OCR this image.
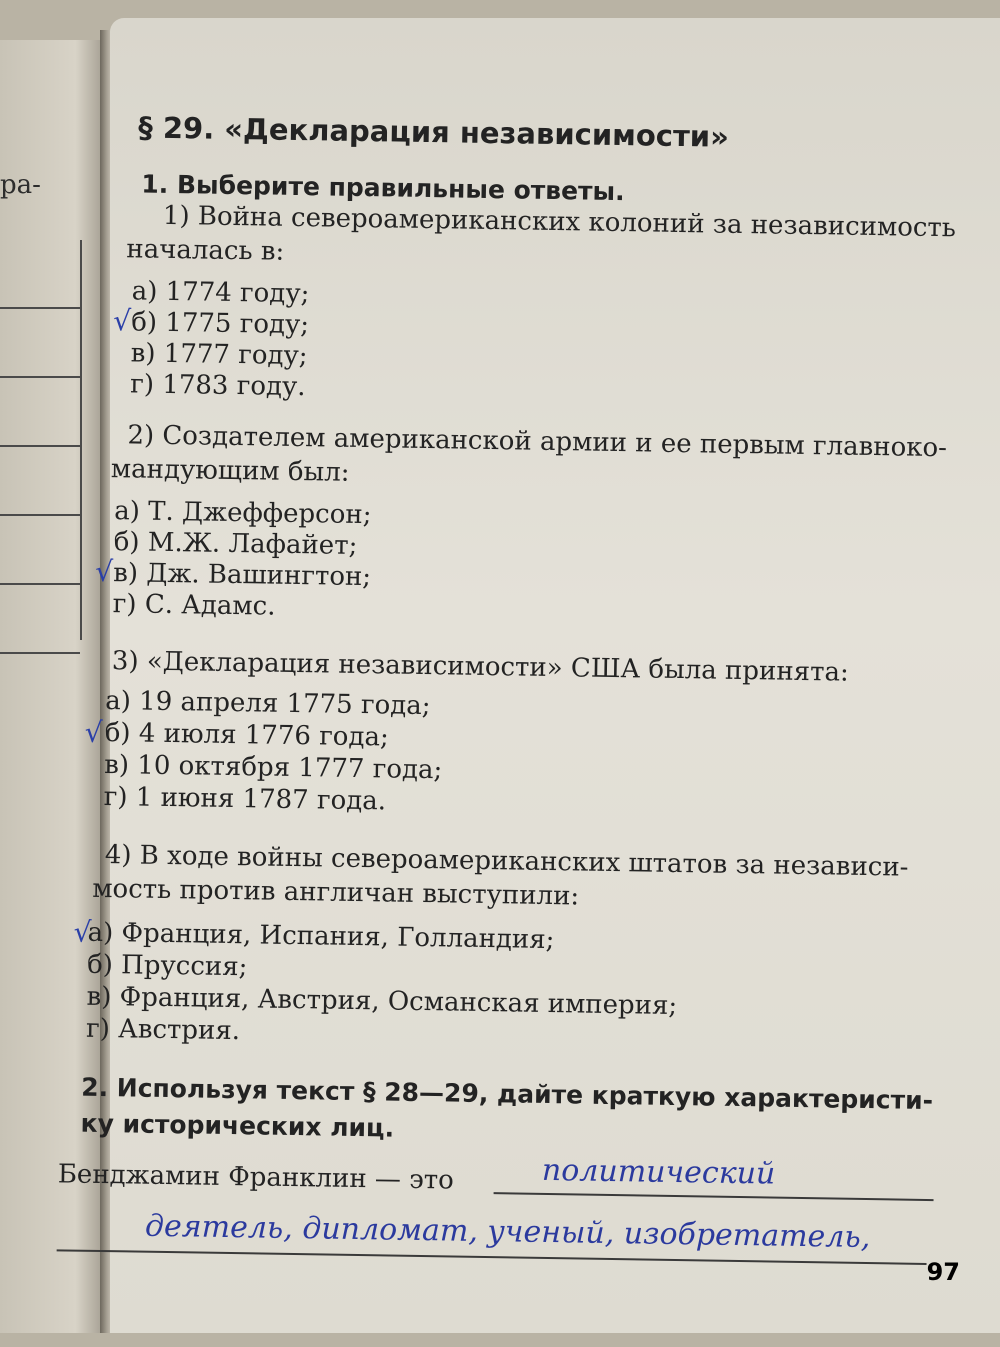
ра-
§ 29. «Декларация независимости»
1. Выберите правильные ответы.
1) Война североамериканских колоний за независимость
началась в:
а) 1774 году;
√ б) 1775 году;
в) 1777 году;
г) 1783 году.
2) Создателем американской армии и ее первым главноко-
мандующим был:
а) Т. Джефферсон;
б) М.Ж. Лафайет;
√ в) Дж. Вашингтон;
г) С. Адамс.
3) «Декларация независимости» США была принята:
а) 19 апреля 1775 года;
√ б) 4 июля 1776 года;
в) 10 октября 1777 года;
г) 1 июня 1787 года.
4) В ходе войны североамериканских штатов за независи-
мость против англичан выступили:
√
а) Франция, Испания, Голландия;
б) Пруссия;
в) Франция, Австрия, Османская империя;
г) Австрия.
2. Используя текст § 28—29, дайте краткую характеристи-
ку исторических лиц.
Бенджамин Франклин — это	политический
деятель, дипломат, ученый, изобретатель,
97
